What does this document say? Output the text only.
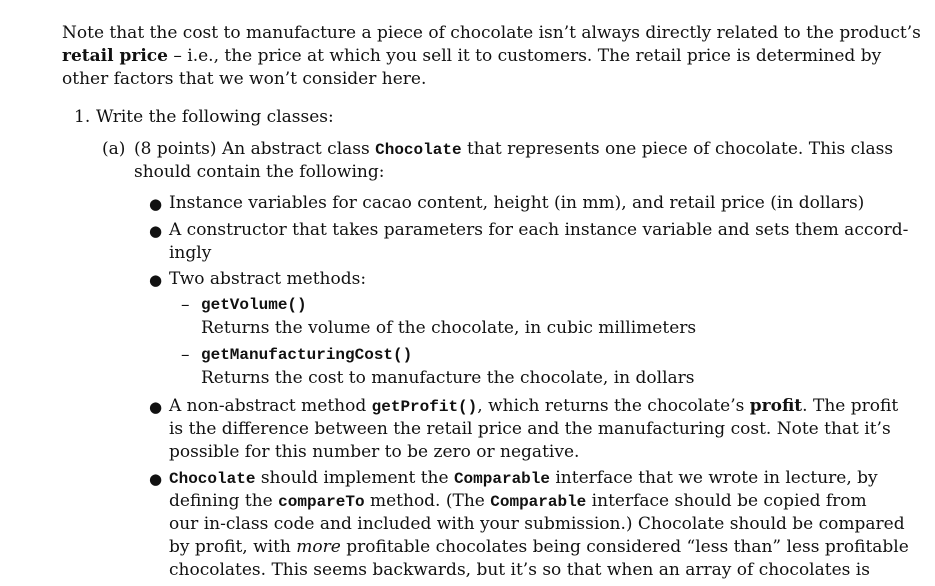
Note that the cost to manufacture a piece of chocolate isn’t always directly related to the product’s
retail price – i.e., the price at which you sell it to customers. The retail price is determined by
other factors that we won’t consider here.
1. Write the following classes:
(a) (8 points) An abstract class Chocolate that represents one piece of chocolate. This class
should contain the following:
● Instance variables for cacao content, height (in mm), and retail price (in dollars)
● A constructor that takes parameters for each instance variable and sets them accord-
ingly
● Two abstract methods:
– getVolume()
Returns the volume of the chocolate, in cubic millimeters
– getManufacturingCost()
Returns the cost to manufacture the chocolate, in dollars
● A non-abstract method getProfit(), which returns the chocolate’s profit. The profit
is the difference between the retail price and the manufacturing cost. Note that it’s
possible for this number to be zero or negative.
● Chocolate should implement the Comparable interface that we wrote in lecture, by
defining the compareTo method. (The Comparable interface should be copied from
our in-class code and included with your submission.) Chocolate should be compared
by profit, with more profitable chocolates being considered “less than” less profitable
chocolates. This seems backwards, but it’s so that when an array of chocolates is
